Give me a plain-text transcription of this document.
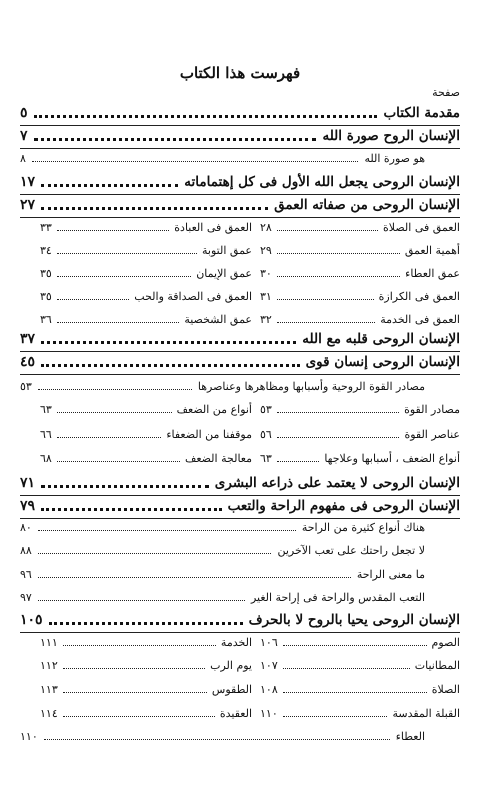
فهرست هذا الكتاب
صفحة
مقدمة الكتاب
٥
الإنسان الروح صورة الله
٧
الإنسان الروحى يجعل الله الأول فى كل إهتماماته
١٧
الإنسان الروحى من صفاته العمق
٢٧
الإنسان الروحى قلبه مع الله
٣٧
الإنسان الروحى إنسان قوى
٤٥
الإنسان الروحى لا يعتمد على ذراعه البشرى
٧١
الإنسان الروحى فى مفهوم الراحة والتعب
٧٩
الإنسان الروحى يحيا بالروح لا بالحرف
١٠٥
هو صورة الله
٨
مصادر القوة الروحية وأسبابها ومظاهرها وعناصرها
٥٣
هناك أنواع كثيرة من الراحة
٨٠
لا تجعل راحتك على تعب الآخرين
٨٨
ما معنى الراحة
٩٦
التعب المقدس والراحة فى إراحة الغير
٩٧
العطاء
١١٠
العمق فى الصلاة
٢٨
العمق فى العبادة
٣٣
أهمية العمق
٢٩
عمق التوبة
٣٤
عمق العطاء
٣٠
عمق الإيمان
٣٥
العمق فى الكرازة
٣١
العمق فى الصداقة والحب
٣٥
العمق فى الخدمة
٣٢
عمق الشخصية
٣٦
مصادر القوة
٥٣
أنواع من الضعف
٦٣
عناصر القوة
٥٦
موقفنا من الضعفاء
٦٦
أنواع الضعف ، أسبابها وعلاجها
٦٣
معالجة الضعف
٦٨
الصوم
١٠٦
الخدمة
١١١
المطانيات
١٠٧
يوم الرب
١١٢
الصلاة
١٠٨
الطقوس
١١٣
القبلة المقدسة
١١٠
العقيدة
١١٤
